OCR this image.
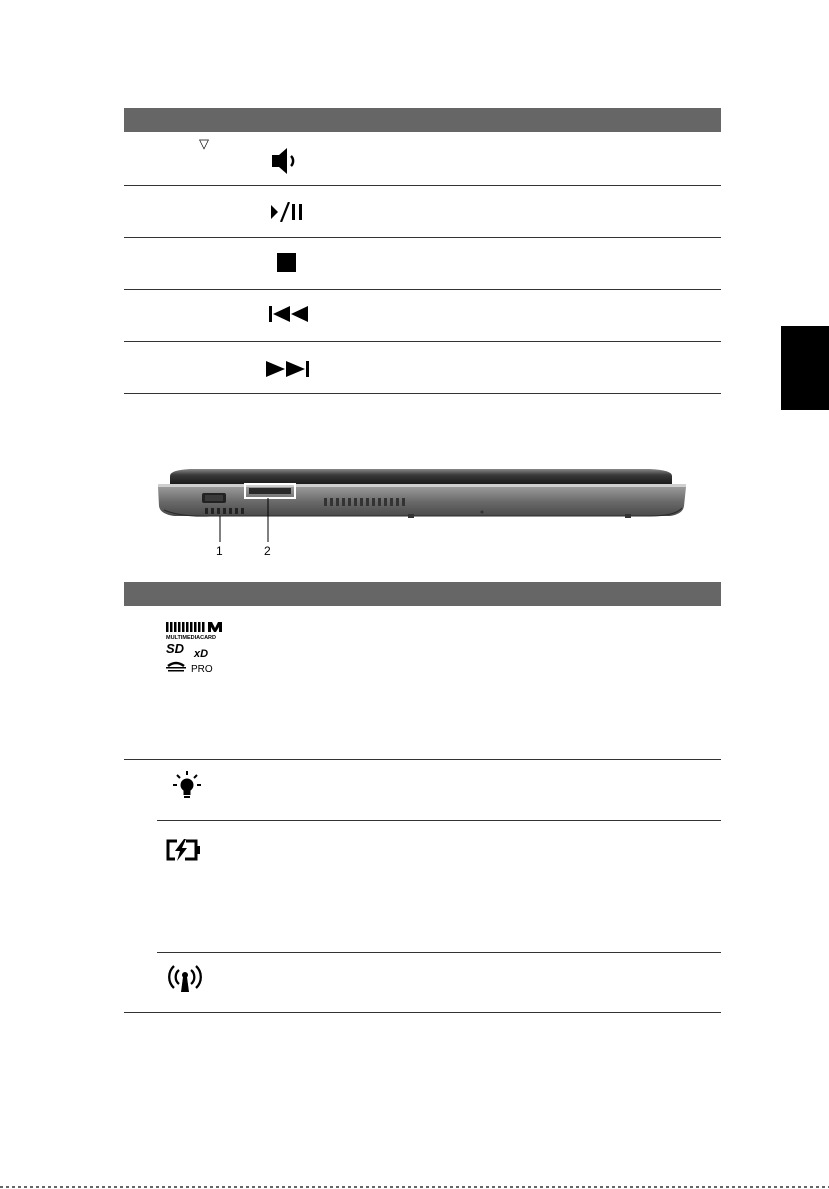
▽
1	2
MULTIMEDIACARD
SD xD
PRO
